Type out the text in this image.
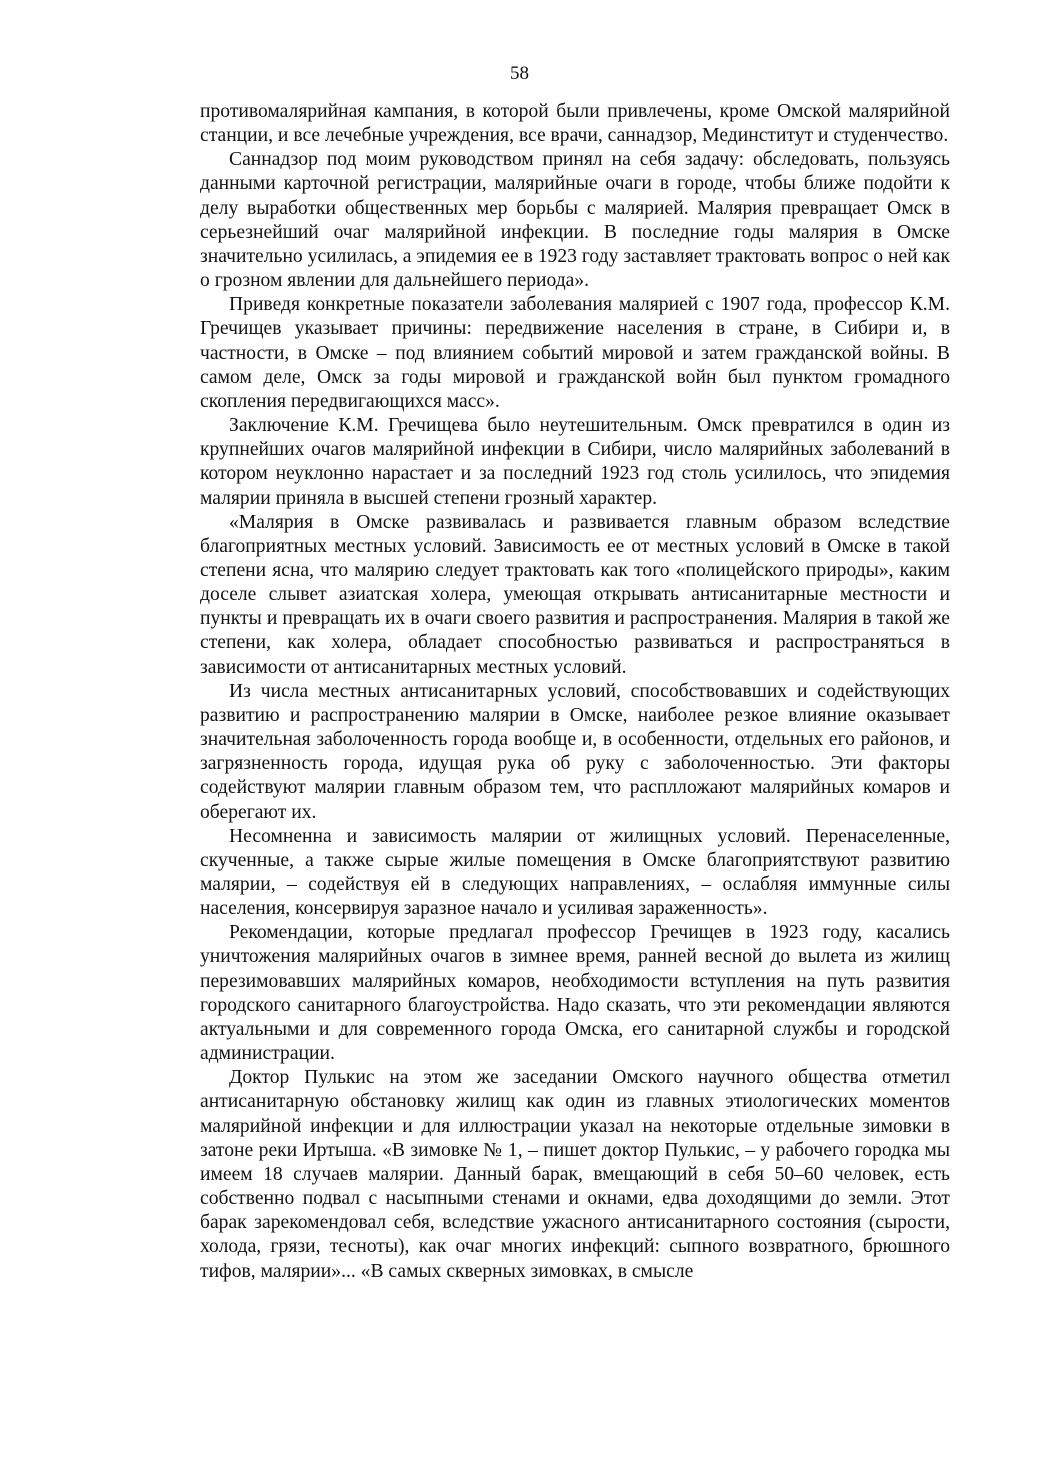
58

противомалярийная кампания, в которой были привлечены, кроме Омской малярийной станции, и все лечебные учреждения, все врачи, саннадзор, Мединститут и студенчество.

Саннадзор под моим руководством принял на себя задачу: обследовать, пользуясь данными карточной регистрации, малярийные очаги в городе, чтобы ближе подойти к делу выработки общественных мер борьбы с малярией. Малярия превращает Омск в серьезнейший очаг малярийной инфекции. В последние годы малярия в Омске значительно усилилась, а эпидемия ее в 1923 году заставляет трактовать вопрос о ней как о грозном явлении для дальнейшего периода».

Приведя конкретные показатели заболевания малярией с 1907 года, профессор К.М. Гречищев указывает причины: передвижение населения в стране, в Сибири и, в частности, в Омске – под влиянием событий мировой и затем гражданской войны. В самом деле, Омск за годы мировой и гражданской войн был пунктом громадного скопления передвигающихся масс».

Заключение К.М. Гречищева было неутешительным. Омск превратился в один из крупнейших очагов малярийной инфекции в Сибири, число малярийных заболеваний в котором неуклонно нарастает и за последний 1923 год столь усилилось, что эпидемия малярии приняла в высшей степени грозный характер.

«Малярия в Омске развивалась и развивается главным образом вследствие благоприятных местных условий. Зависимость ее от местных условий в Омске в такой степени ясна, что малярию следует трактовать как того «полицейского природы», каким доселе слывет азиатская холера, умеющая открывать антисанитарные местности и пункты и превращать их в очаги своего развития и распространения. Малярия в такой же степени, как холера, обладает способностью развиваться и распространяться в зависимости от антисанитарных местных условий.

Из числа местных антисанитарных условий, способствовавших и содействующих развитию и распространению малярии в Омске, наиболее резкое влияние оказывает значительная заболоченность города вообще и, в особенности, отдельных его районов, и загрязненность города, идущая рука об руку с заболоченностью. Эти факторы содействуют малярии главным образом тем, что расплложают малярийных комаров и оберегают их.

Несомненна и зависимость малярии от жилищных условий. Перенаселенные, скученные, а также сырые жилые помещения в Омске благоприятствуют развитию малярии, – содействуя ей в следующих направлениях, – ослабляя иммунные силы населения, консервируя заразное начало и усиливая зараженность».

Рекомендации, которые предлагал профессор Гречищев в 1923 году, касались уничтожения малярийных очагов в зимнее время, ранней весной до вылета из жилищ перезимовавших малярийных комаров, необходимости вступления на путь развития городского санитарного благоустройства. Надо сказать, что эти рекомендации являются актуальными и для современного города Омска, его санитарной службы и городской администрации.

Доктор Пулькис на этом же заседании Омского научного общества отметил антисанитарную обстановку жилищ как один из главных этиологических моментов малярийной инфекции и для иллюстрации указал на некоторые отдельные зимовки в затоне реки Иртыша. «В зимовке № 1, – пишет доктор Пулькис, – у рабочего городка мы имеем 18 случаев малярии. Данный барак, вмещающий в себя 50–60 человек, есть собственно подвал с насыпными стенами и окнами, едва доходящими до земли. Этот барак зарекомендовал себя, вследствие ужасного антисанитарного состояния (сырости, холода, грязи, тесноты), как очаг многих инфекций: сыпного возвратного, брюшного тифов, малярии»... «В самых скверных зимовках, в смысле
